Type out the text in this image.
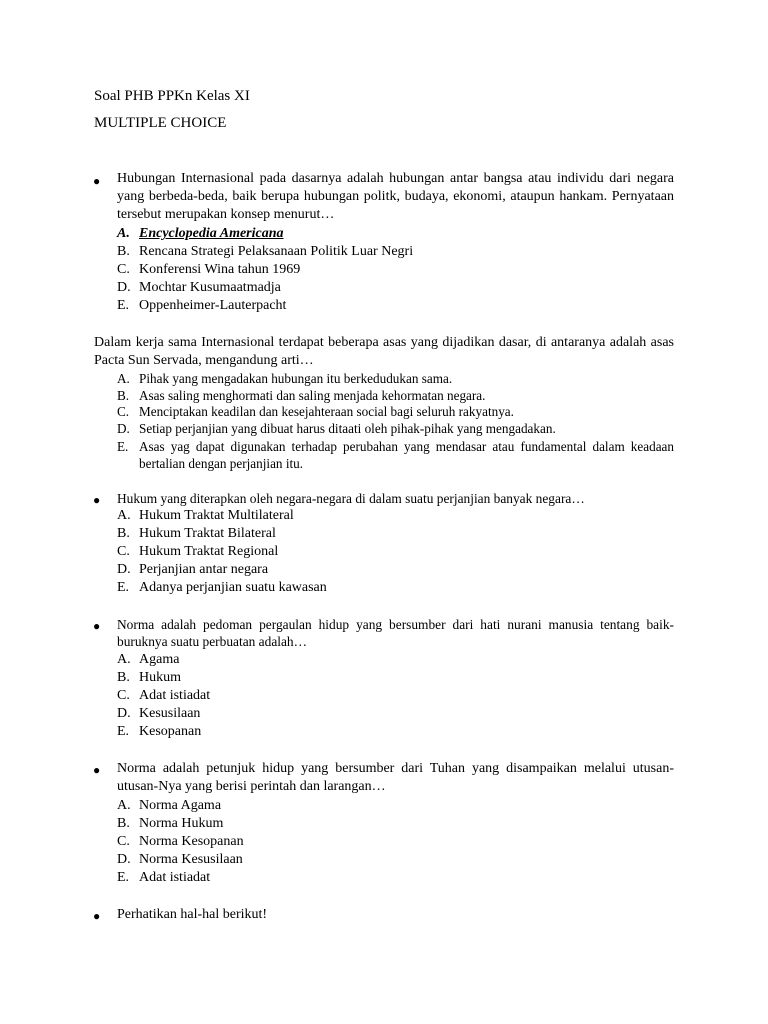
Soal PHB PPKn Kelas XI
MULTIPLE CHOICE
● Hubungan Internasional pada dasarnya adalah hubungan antar bangsa atau individu dari negara yang berbeda-beda, baik berupa hubungan politk, budaya, ekonomi, ataupun hankam. Pernyataan tersebut merupakan konsep menurut…
A. Encyclopedia Americana
B. Rencana Strategi Pelaksanaan Politik Luar Negri
C. Konferensi Wina tahun 1969
D. Mochtar Kusumaatmadja
E. Oppenheimer-Lauterpacht
Dalam kerja sama Internasional terdapat beberapa asas yang dijadikan dasar, di antaranya adalah asas Pacta Sun Servada, mengandung arti…
A. Pihak yang mengadakan hubungan itu berkedudukan sama.
B. Asas saling menghormati dan saling menjada kehormatan negara.
C. Menciptakan keadilan dan kesejahteraan social bagi seluruh rakyatnya.
D. Setiap perjanjian yang dibuat harus ditaati oleh pihak-pihak yang mengadakan.
E. Asas yag dapat digunakan terhadap perubahan yang mendasar atau fundamental dalam keadaan bertalian dengan perjanjian itu.
● Hukum yang diterapkan oleh negara-negara di dalam suatu perjanjian banyak negara…
A. Hukum Traktat Multilateral
B. Hukum Traktat Bilateral
C. Hukum Traktat Regional
D. Perjanjian antar negara
E. Adanya perjanjian suatu kawasan
● Norma adalah pedoman pergaulan hidup yang bersumber dari hati nurani manusia tentang baik-buruknya suatu perbuatan adalah…
A. Agama
B. Hukum
C. Adat istiadat
D. Kesusilaan
E. Kesopanan
● Norma adalah petunjuk hidup yang bersumber dari Tuhan yang disampaikan melalui utusan-utusan-Nya yang berisi perintah dan larangan…
A. Norma Agama
B. Norma Hukum
C. Norma Kesopanan
D. Norma Kesusilaan
E. Adat istiadat
● Perhatikan hal-hal berikut!
